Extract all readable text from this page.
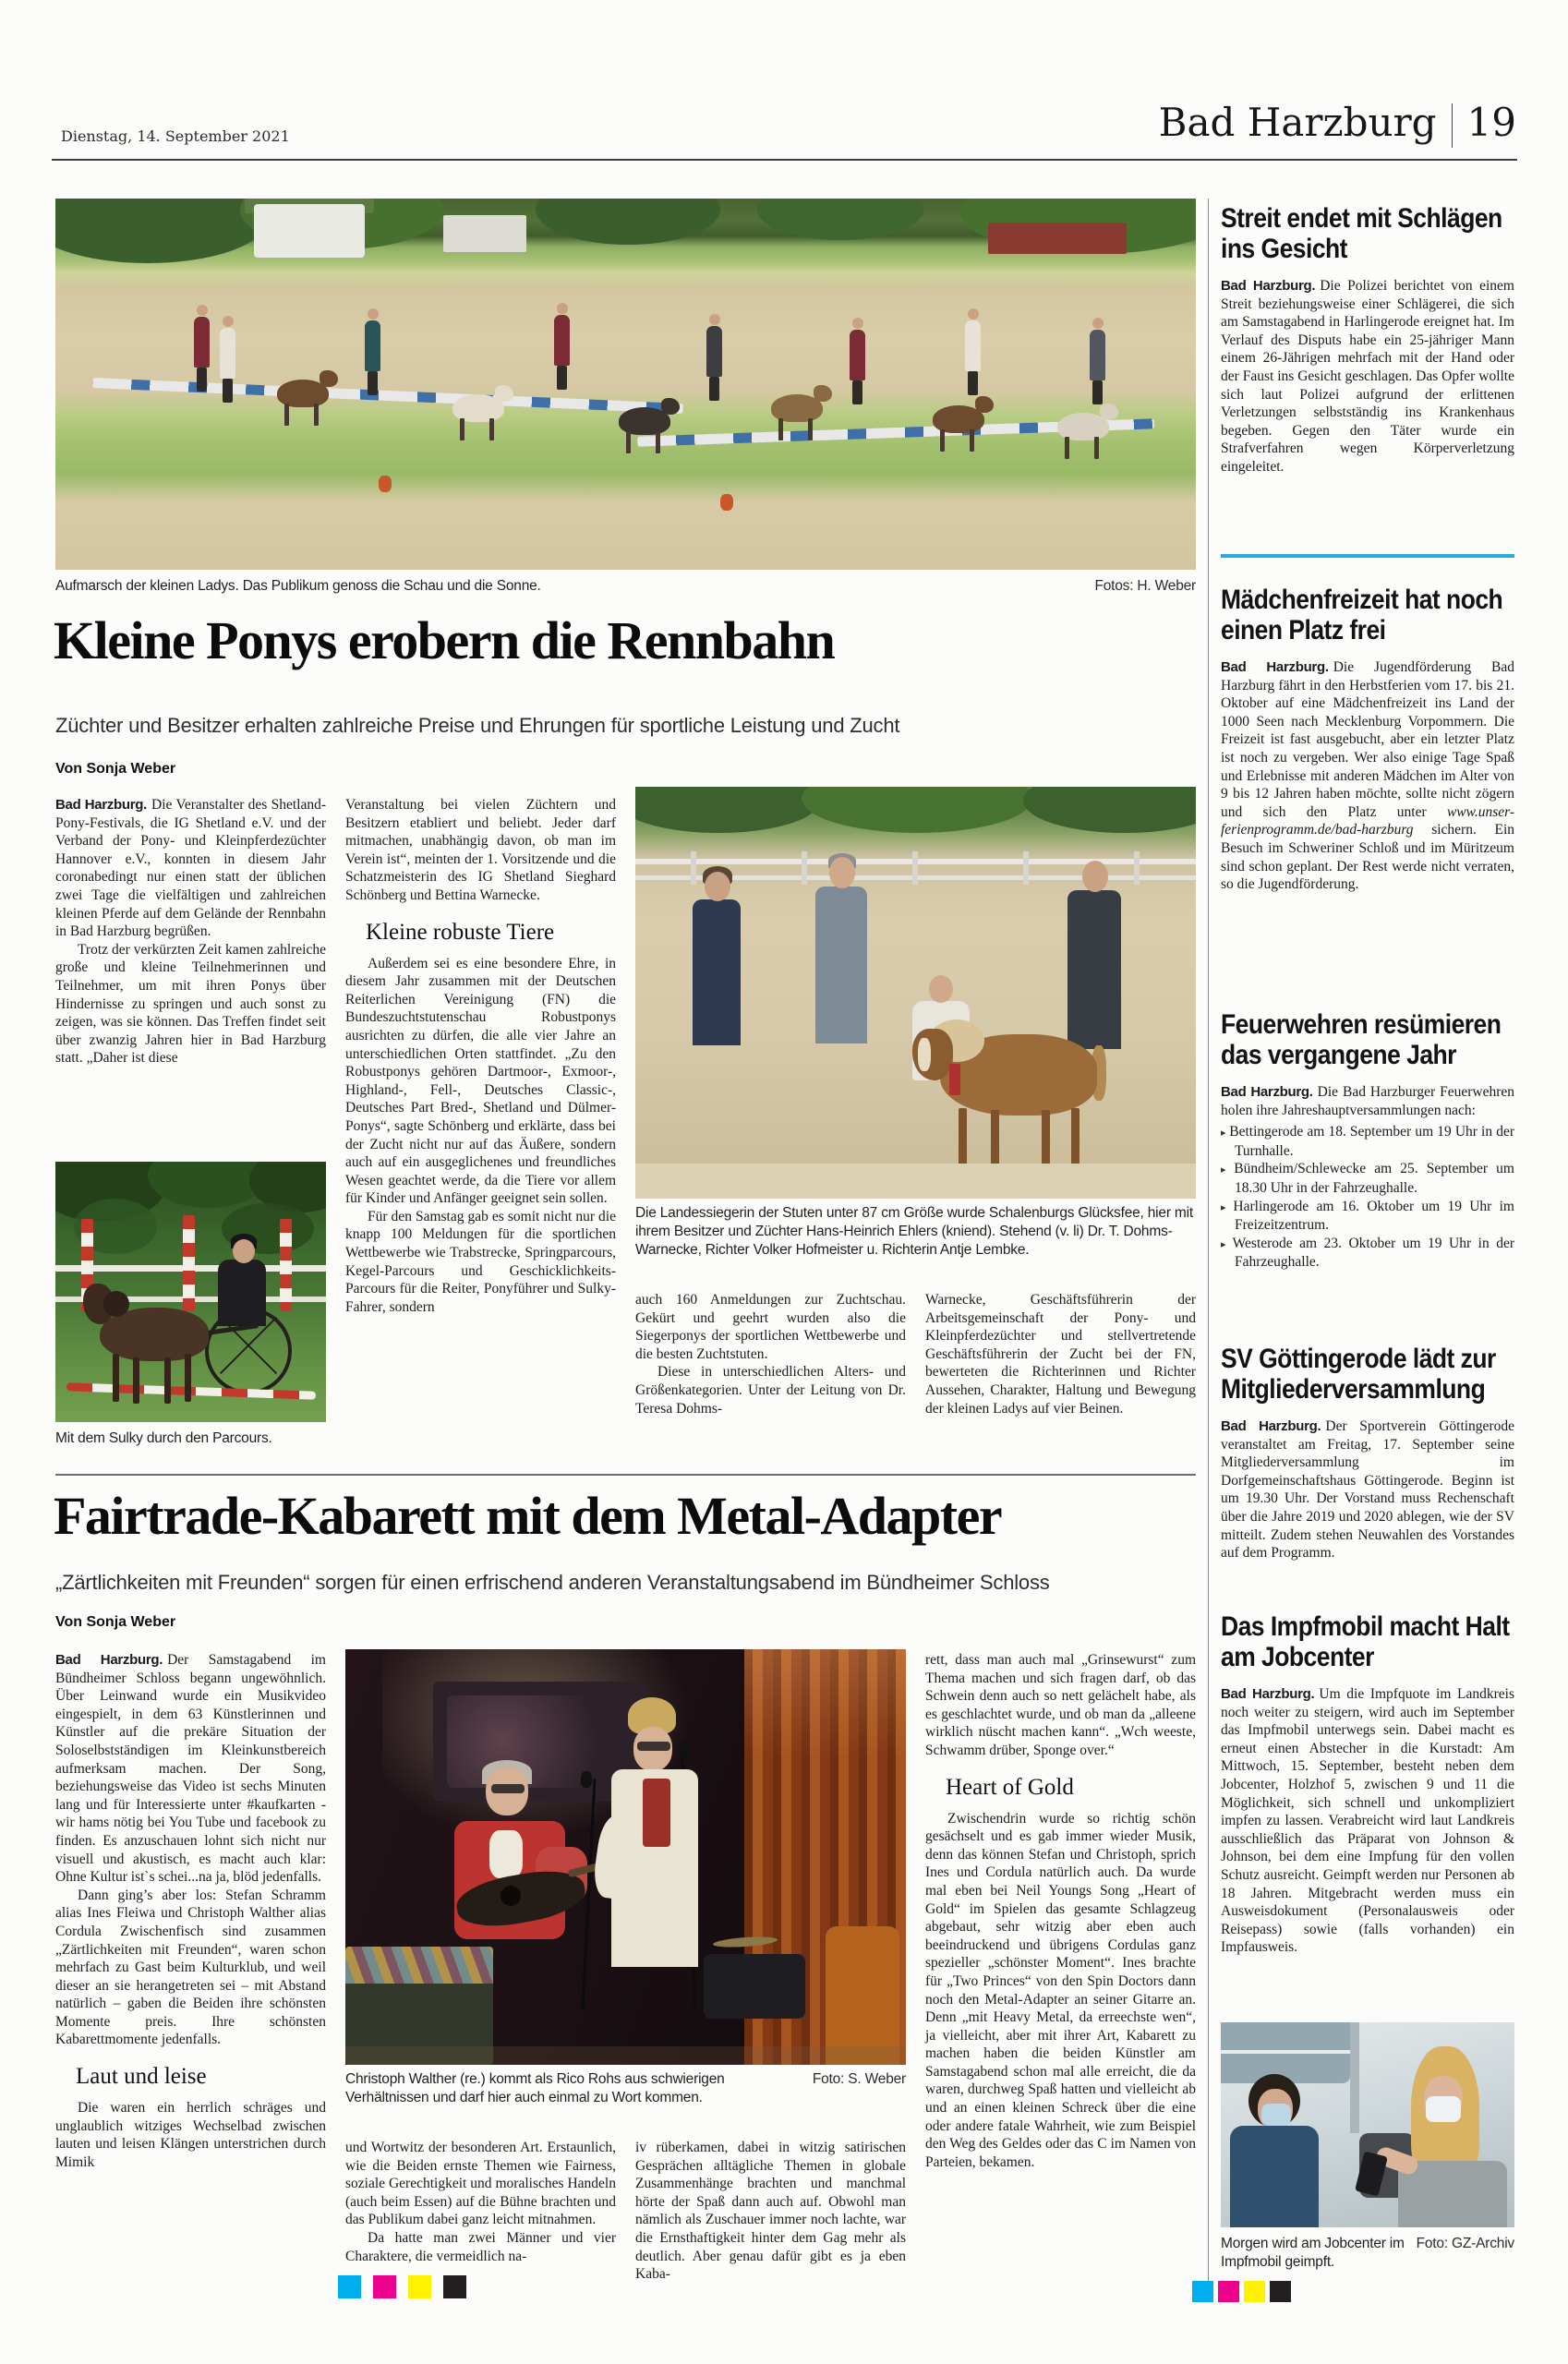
Dienstag, 14. September 2021	Bad Harzburg 19
Aufmarsch der kleinen Ladys. Das Publikum genoss die Schau und die Sonne.	Fotos: H. Weber
Kleine Ponys erobern die Rennbahn
Züchter und Besitzer erhalten zahlreiche Preise und Ehrungen für sportliche Leistung und Zucht
Von Sonja Weber

Bad Harzburg. Die Veranstalter des Shetland-Pony-Festivals, die IG Shetland e.V. und der Verband der Pony- und Kleinpferdezüchter Hannover e.V., konnten in diesem Jahr coronabedingt nur einen statt der üblichen zwei Tage die vielfältigen und zahlreichen kleinen Pferde auf dem Gelände der Rennbahn in Bad Harzburg begrüßen.

Trotz der verkürzten Zeit kamen zahlreiche große und kleine Teilnehmerinnen und Teilnehmer, um mit ihren Ponys über Hindernisse zu springen und auch sonst zu zeigen, was sie können. Das Treffen findet seit über zwanzig Jahren hier in Bad Harzburg statt. „Daher ist diese

Mit dem Sulky durch den Parcours.

Veranstaltung bei vielen Züchtern und Besitzern etabliert und beliebt. Jeder darf mitmachen, unabhängig davon, ob man im Verein ist“, meinten der 1. Vorsitzende und die Schatzmeisterin des IG Shetland Sieghard Schönberg und Bettina Warnecke.

Kleine robuste Tiere

Außerdem sei es eine besondere Ehre, in diesem Jahr zusammen mit der Deutschen Reiterlichen Vereinigung (FN) die Bundeszuchtstutenschau Robustponys ausrichten zu dürfen, die alle vier Jahre an unterschiedlichen Orten stattfindet. „Zu den Robustponys gehören Dartmoor-, Exmoor-, Highland-, Fell-, Deutsches Classic-, Deutsches Part Bred-, Shetland und Dülmer-Ponys“, sagte Schönberg und erklärte, dass bei der Zucht nicht nur auf das Äußere, sondern auch auf ein ausgeglichenes und freundliches Wesen geachtet werde, da die Tiere vor allem für Kinder und Anfänger geeignet sein sollen.

Für den Samstag gab es somit nicht nur die knapp 100 Meldungen für die sportlichen Wettbewerbe wie Trabstrecke, Springparcours, Kegel-Parcours und Geschicklichkeits-Parcours für die Reiter, Ponyführer und Sulky-Fahrer, sondern

Die Landessiegerin der Stuten unter 87 cm Größe wurde Schalenburgs Glücksfee, hier mit ihrem Besitzer und Züchter Hans-Heinrich Ehlers (kniend). Stehend (v. li) Dr. T. Dohms-Warnecke, Richter Volker Hofmeister u. Richterin Antje Lembke.

auch 160 Anmeldungen zur Zuchtschau. Gekürt und geehrt wurden also die Siegerponys der sportlichen Wettbewerbe und die besten Zuchtstuten.

Diese in unterschiedlichen Alters- und Größenkategorien. Unter der Leitung von Dr. Teresa Dohms-

Warnecke, Geschäftsführerin der Arbeitsgemeinschaft der Pony- und Kleinpferdezüchter und stellvertretende Geschäftsführerin der Zucht bei der FN, bewerteten die Richterinnen und Richter Aussehen, Charakter, Haltung und Bewegung der kleinen Ladys auf vier Beinen.

Fairtrade-Kabarett mit dem Metal-Adapter
„Zärtlichkeiten mit Freunden“ sorgen für einen erfrischend anderen Veranstaltungsabend im Bündheimer Schloss
Von Sonja Weber

Bad Harzburg. Der Samstagabend im Bündheimer Schloss begann ungewöhnlich. Über Leinwand wurde ein Musikvideo eingespielt, in dem 63 Künstlerinnen und Künstler auf die prekäre Situation der Soloselbstständigen im Kleinkunstbereich aufmerksam machen. Der Song, beziehungsweise das Video ist sechs Minuten lang und für Interessierte unter #kaufkarten - wir hams nötig bei You Tube und facebook zu finden. Es anzuschauen lohnt sich nicht nur visuell und akustisch, es macht auch klar: Ohne Kultur ist`s schei...na ja, blöd jedenfalls.

Dann ging’s aber los: Stefan Schramm alias Ines Fleiwa und Christoph Walther alias Cordula Zwischenfisch sind zusammen „Zärtlichkeiten mit Freunden“, waren schon mehrfach zu Gast beim Kulturklub, und weil dieser an sie herangetreten sei – mit Abstand natürlich – gaben die Beiden ihre schönsten Momente preis. Ihre schönsten Kabarettmomente jedenfalls.

Laut und leise

Die waren ein herrlich schräges und unglaublich witziges Wechselbad zwischen lauten und leisen Klängen unterstrichen durch Mimik

Foto: S. Weber
Christoph Walther (re.) kommt als Rico Rohs aus schwierigen Verhältnissen und darf hier auch einmal zu Wort kommen.

und Wortwitz der besonderen Art. Erstaunlich, wie die Beiden ernste Themen wie Fairness, soziale Gerechtigkeit und moralisches Handeln (auch beim Essen) auf die Bühne brachten und das Publikum dabei ganz leicht mitnahmen.

Da hatte man zwei Männer und vier Charaktere, die vermeidlich na-

iv rüberkamen, dabei in witzig satirischen Gesprächen alltägliche Themen in globale Zusammenhänge brachten und manchmal hörte der Spaß dann auch auf. Obwohl man nämlich als Zuschauer immer noch lachte, war die Ernsthaftigkeit hinter dem Gag mehr als deutlich. Aber genau dafür gibt es ja eben Kaba-

rett, dass man auch mal „Grinsewurst“ zum Thema machen und sich fragen darf, ob das Schwein denn auch so nett gelächelt habe, als es geschlachtet wurde, und ob man da „alleene wirklich nüscht machen kann“. „Wch weeste, Schwamm drüber, Sponge over.“

Heart of Gold

Zwischendrin wurde so richtig schön gesächselt und es gab immer wieder Musik, denn das können Stefan und Christoph, sprich Ines und Cordula natürlich auch. Da wurde mal eben bei Neil Youngs Song „Heart of Gold“ im Spielen das gesamte Schlagzeug abgebaut, sehr witzig aber eben auch beeindruckend und übrigens Cordulas ganz spezieller „schönster Moment“. Ines brachte für „Two Princes“ von den Spin Doctors dann noch den Metal-Adapter an seiner Gitarre an. Denn „mit Heavy Metal, da erreechste wen“, ja vielleicht, aber mit ihrer Art, Kabarett zu machen haben die beiden Künstler am Samstagabend schon mal alle erreicht, die da waren, durchweg Spaß hatten und vielleicht ab und an einen kleinen Schreck über die eine oder andere fatale Wahrheit, wie zum Beispiel den Weg des Geldes oder das C im Namen von Parteien, bekamen.

Streit endet mit Schlägen ins Gesicht

Bad Harzburg. Die Polizei berichtet von einem Streit beziehungsweise einer Schlägerei, die sich am Samstagabend in Harlingerode ereignet hat. Im Verlauf des Disputs habe ein 25-jähriger Mann einem 26-Jährigen mehrfach mit der Hand oder der Faust ins Gesicht geschlagen. Das Opfer wollte sich laut Polizei aufgrund der erlittenen Verletzungen selbstständig ins Krankenhaus begeben. Gegen den Täter wurde ein Strafverfahren wegen Körperverletzung eingeleitet.

Mädchenfreizeit hat noch einen Platz frei

Bad Harzburg. Die Jugendförderung Bad Harzburg fährt in den Herbstferien vom 17. bis 21. Oktober auf eine Mädchenfreizeit ins Land der 1000 Seen nach Mecklenburg Vorpommern. Die Freizeit ist fast ausgebucht, aber ein letzter Platz ist noch zu vergeben. Wer also einige Tage Spaß und Erlebnisse mit anderen Mädchen im Alter von 9 bis 12 Jahren haben möchte, sollte nicht zögern und sich den Platz unter www.unser-ferienprogramm.de/bad-harzburg sichern. Ein Besuch im Schweriner Schloß und im Müritzeum sind schon geplant. Der Rest werde nicht verraten, so die Jugendförderung.

Feuerwehren resümieren das vergangene Jahr

Bad Harzburg. Die Bad Harzburger Feuerwehren holen ihre Jahreshauptversammlungen nach:

▸ Bettingerode am 18. September um 19 Uhr in der Turnhalle.
▸ Bündheim/Schlewecke am 25. September um 18.30 Uhr in der Fahrzeughalle.
▸ Harlingerode am 16. Oktober um 19 Uhr im Freizeitzentrum.
▸ Westerode am 23. Oktober um 19 Uhr in der Fahrzeughalle.
SV Göttingerode lädt zur Mitgliederversammlung

Bad Harzburg. Der Sportverein Göttingerode veranstaltet am Freitag, 17. September seine Mitgliederversammlung im Dorfgemeinschaftshaus Göttingerode. Beginn ist um 19.30 Uhr. Der Vorstand muss Rechenschaft über die Jahre 2019 und 2020 ablegen, wie der SV mitteilt. Zudem stehen Neuwahlen des Vorstandes auf dem Programm.

Das Impfmobil macht Halt am Jobcenter

Bad Harzburg. Um die Impfquote im Landkreis noch weiter zu steigern, wird auch im September das Impfmobil unterwegs sein. Dabei macht es erneut einen Abstecher in die Kurstadt: Am Mittwoch, 15. September, besteht neben dem Jobcenter, Holzhof 5, zwischen 9 und 11 die Möglichkeit, sich schnell und unkompliziert impfen zu lassen. Verabreicht wird laut Landkreis ausschließlich das Präparat von Johnson & Johnson, bei dem eine Impfung für den vollen Schutz ausreicht. Geimpft werden nur Personen ab 18 Jahren. Mitgebracht werden muss ein Ausweisdokument (Personalausweis oder Reisepass) sowie (falls vorhanden) ein Impfausweis.

Foto: GZ-Archiv
Morgen wird am Jobcenter im Impfmobil geimpft.
